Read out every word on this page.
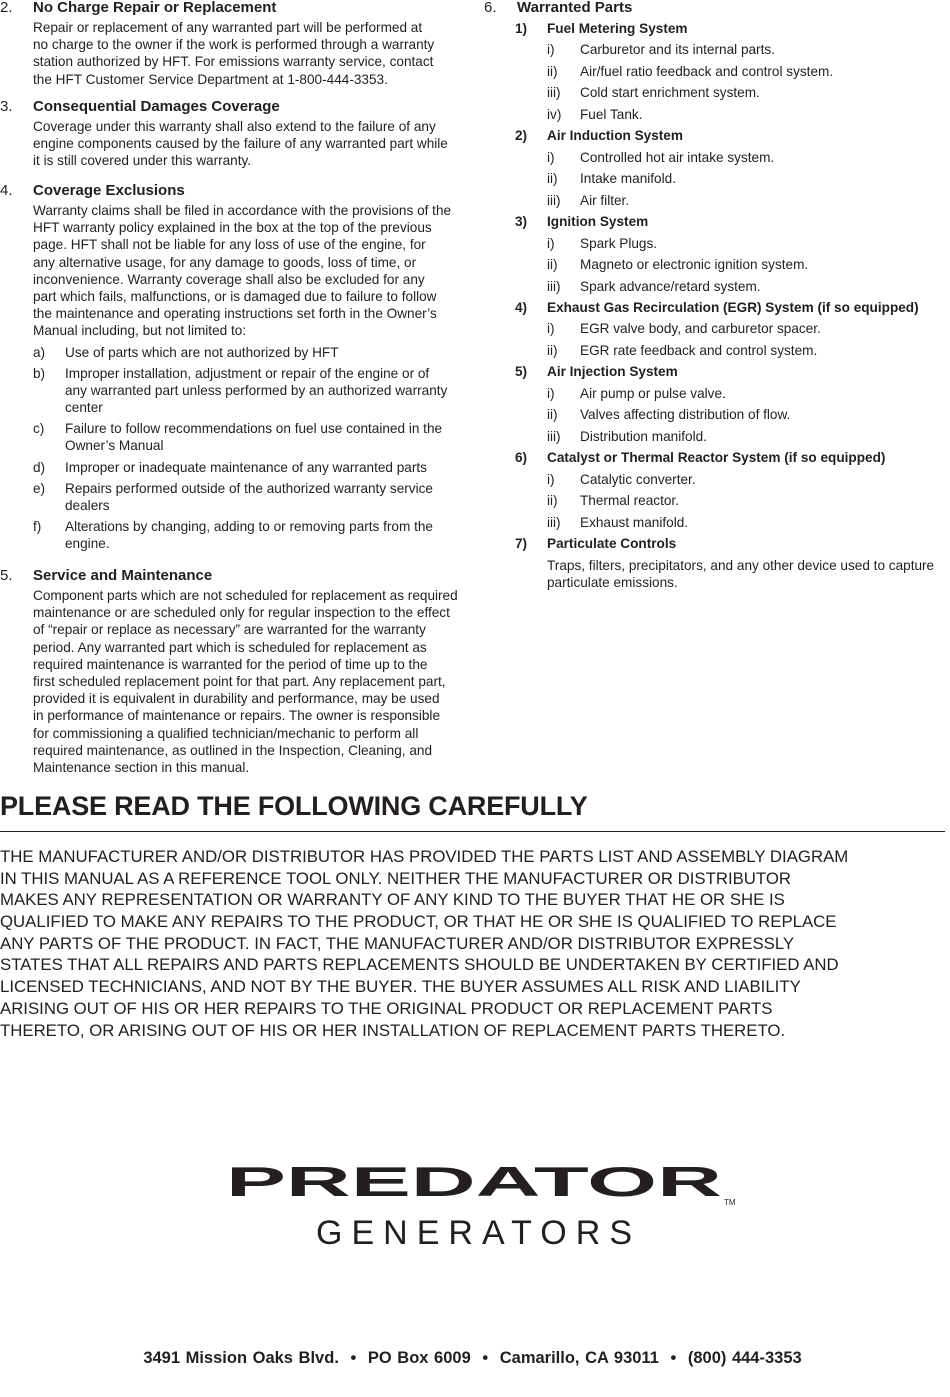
2. No Charge Repair or Replacement
Repair or replacement of any warranted part will be performed at
no charge to the owner if the work is performed through a warranty
station authorized by HFT. For emissions warranty service, contact
the HFT Customer Service Department at 1-800-444-3353.
3. Consequential Damages Coverage
Coverage under this warranty shall also extend to the failure of any
engine components caused by the failure of any warranted part while
it is still covered under this warranty.
4. Coverage Exclusions
Warranty claims shall be filed in accordance with the provisions of the
HFT warranty policy explained in the box at the top of the previous
page. HFT shall not be liable for any loss of use of the engine, for
any alternative usage, for any damage to goods, loss of time, or
inconvenience. Warranty coverage shall also be excluded for any
part which fails, malfunctions, or is damaged due to failure to follow
the maintenance and operating instructions set forth in the Owner’s
Manual including, but not limited to:
a) Use of parts which are not authorized by HFT
b) Improper installation, adjustment or repair of the engine or of
any warranted part unless performed by an authorized warranty
center
c) Failure to follow recommendations on fuel use contained in the
Owner’s Manual
d) Improper or inadequate maintenance of any warranted parts
e) Repairs performed outside of the authorized warranty service
dealers
f) Alterations by changing, adding to or removing parts from the
engine.
5. Service and Maintenance
Component parts which are not scheduled for replacement as required
maintenance or are scheduled only for regular inspection to the effect
of “repair or replace as necessary” are warranted for the warranty
period. Any warranted part which is scheduled for replacement as
required maintenance is warranted for the period of time up to the
first scheduled replacement point for that part. Any replacement part,
provided it is equivalent in durability and performance, may be used
in performance of maintenance or repairs. The owner is responsible
for commissioning a qualified technician/mechanic to perform all
required maintenance, as outlined in the Inspection, Cleaning, and
Maintenance section in this manual.
6. Warranted Parts
1) Fuel Metering System
i) Carburetor and its internal parts.
ii) Air/fuel ratio feedback and control system.
iii) Cold start enrichment system.
iv) Fuel Tank.
2) Air Induction System
i) Controlled hot air intake system.
ii) Intake manifold.
iii) Air filter.
3) Ignition System
i) Spark Plugs.
ii) Magneto or electronic ignition system.
iii) Spark advance/retard system.
4) Exhaust Gas Recirculation (EGR) System (if so equipped)
i) EGR valve body, and carburetor spacer.
ii) EGR rate feedback and control system.
5) Air Injection System
i) Air pump or pulse valve.
ii) Valves affecting distribution of flow.
iii) Distribution manifold.
6) Catalyst or Thermal Reactor System (if so equipped)
i) Catalytic converter.
ii) Thermal reactor.
iii) Exhaust manifold.
7) Particulate Controls
Traps, filters, precipitators, and any other device used to capture
particulate emissions.
PLEASE READ THE FOLLOWING CAREFULLY
THE MANUFACTURER AND/OR DISTRIBUTOR HAS PROVIDED THE PARTS LIST AND ASSEMBLY DIAGRAM
IN THIS MANUAL AS A REFERENCE TOOL ONLY. NEITHER THE MANUFACTURER OR DISTRIBUTOR
MAKES ANY REPRESENTATION OR WARRANTY OF ANY KIND TO THE BUYER THAT HE OR SHE IS
QUALIFIED TO MAKE ANY REPAIRS TO THE PRODUCT, OR THAT HE OR SHE IS QUALIFIED TO REPLACE
ANY PARTS OF THE PRODUCT. IN FACT, THE MANUFACTURER AND/OR DISTRIBUTOR EXPRESSLY
STATES THAT ALL REPAIRS AND PARTS REPLACEMENTS SHOULD BE UNDERTAKEN BY CERTIFIED AND
LICENSED TECHNICIANS, AND NOT BY THE BUYER. THE BUYER ASSUMES ALL RISK AND LIABILITY
ARISING OUT OF HIS OR HER REPAIRS TO THE ORIGINAL PRODUCT OR REPLACEMENT PARTS
THERETO, OR ARISING OUT OF HIS OR HER INSTALLATION OF REPLACEMENT PARTS THERETO.
PREDATOR TM
GENERATORS
3491 Mission Oaks Blvd. • PO Box 6009 • Camarillo, CA 93011 • (800) 444-3353
